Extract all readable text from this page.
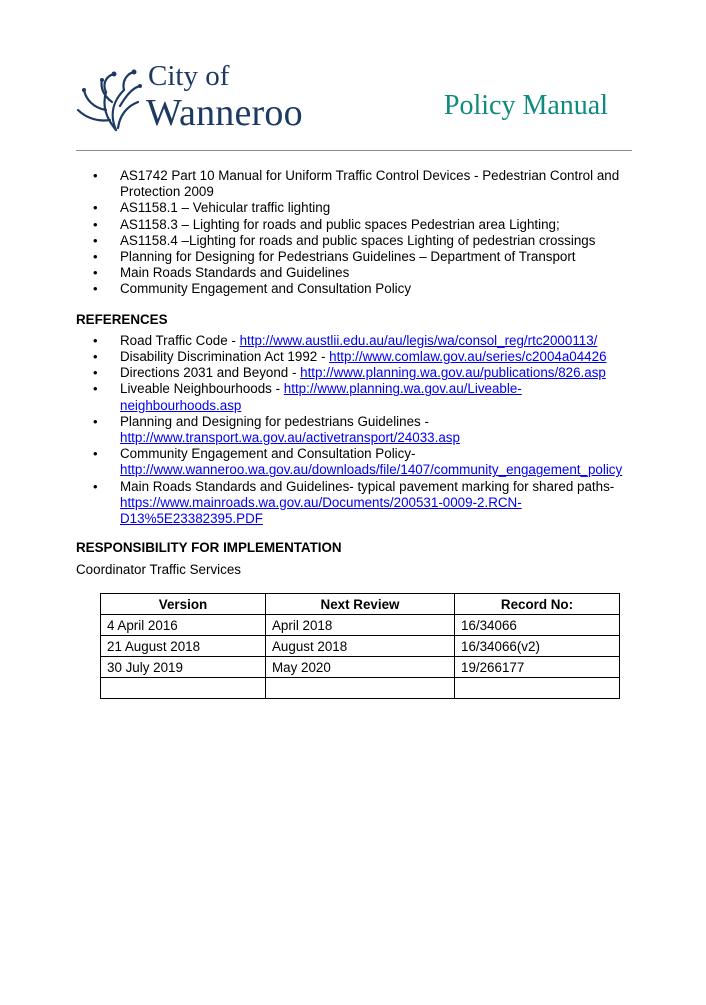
City of
Wanneroo	Policy Manual
• AS1742 Part 10 Manual for Uniform Traffic Control Devices - Pedestrian Control and Protection 2009
• AS1158.1 – Vehicular traffic lighting
• AS1158.3 – Lighting for roads and public spaces Pedestrian area Lighting;
• AS1158.4 –Lighting for roads and public spaces Lighting of pedestrian crossings
• Planning for Designing for Pedestrians Guidelines – Department of Transport
• Main Roads Standards and Guidelines
• Community Engagement and Consultation Policy
REFERENCES
• Road Traffic Code - http://www.austlii.edu.au/au/legis/wa/consol_reg/rtc2000113/
• Disability Discrimination Act 1992 - http://www.comlaw.gov.au/series/c2004a04426
• Directions 2031 and Beyond - http://www.planning.wa.gov.au/publications/826.asp
• Liveable Neighbourhoods - http://www.planning.wa.gov.au/Liveable-neighbourhoods.asp
• Planning and Designing for pedestrians Guidelines -
http://www.transport.wa.gov.au/activetransport/24033.asp
• Community Engagement and Consultation Policy-
http://www.wanneroo.wa.gov.au/downloads/file/1407/community_engagement_policy
• Main Roads Standards and Guidelines- typical pavement marking for shared paths-
https://www.mainroads.wa.gov.au/Documents/200531-0009-2.RCN-D13%5E23382395.PDF
RESPONSIBILITY FOR IMPLEMENTATION
Coordinator Traffic Services
Version	Next Review	Record No:
4 April 2016	April 2018	16/34066
21 August 2018	August 2018	16/34066(v2)
30 July 2019	May 2020	19/266177
